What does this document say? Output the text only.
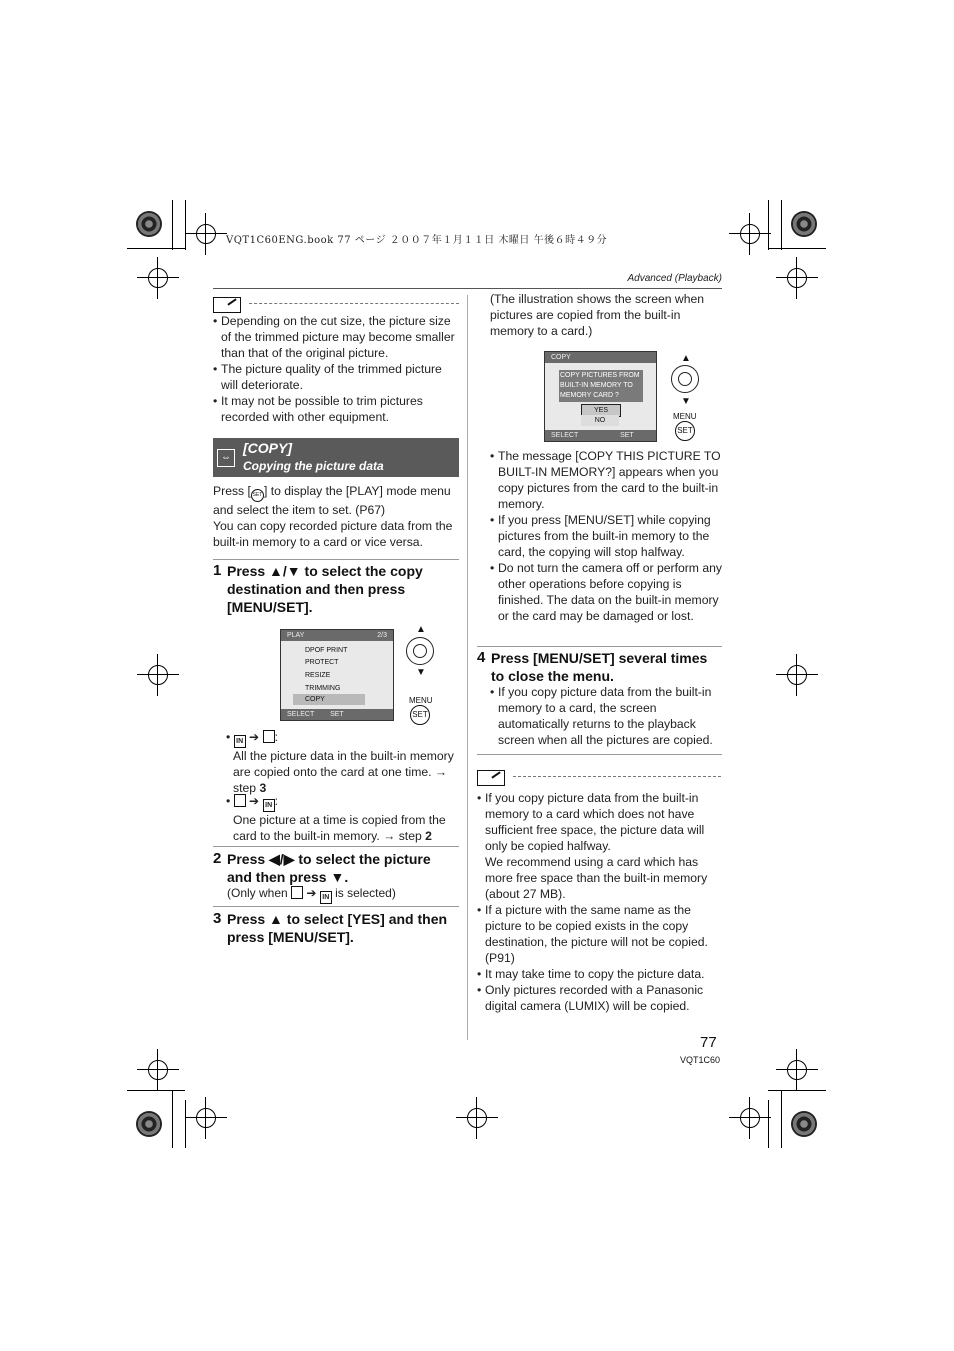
VQT1C60ENG.book 77 ページ ２００７年１月１１日 木曜日 午後６時４９分
Advanced (Playback)
• Depending on the cut size, the picture size of the trimmed picture may become smaller than that of the original picture.
• The picture quality of the trimmed picture will deteriorate.
• It may not be possible to trim pictures recorded with other equipment.
⇔
[COPY]
Copying the picture data
Press [ SET ] to display the [PLAY] mode menu and select the item to set. (P67)
You can copy recorded picture data from the built-in memory to a card or vice versa.
1 Press ▲/▼ to select the copy destination and then press [MENU/SET].
PLAY	2/3
DPOF PRINT
PROTECT
RESIZE
TRIMMING
COPY
SELECT SET
▲
▼
MENU
SET
• IN ➔ :
All the picture data in the built-in memory are copied onto the card at one time. → step 3
•  ➔ IN :
One picture at a time is copied from the card to the built-in memory. → step 2
2 Press ◀/▶ to select the picture and then press ▼.
(Only when  ➔ IN is selected)
3 Press ▲ to select [YES] and then press [MENU/SET].
(The illustration shows the screen when pictures are copied from the built-in memory to a card.)
COPY
COPY PICTURES FROM BUILT-IN MEMORY TO MEMORY CARD ?
YES
NO
SELECT	SET
▲
▼
MENU
SET
• The message [COPY THIS PICTURE TO BUILT-IN MEMORY?] appears when you copy pictures from the card to the built-in memory.
• If you press [MENU/SET] while copying pictures from the built-in memory to the card, the copying will stop halfway.
• Do not turn the camera off or perform any other operations before copying is finished. The data on the built-in memory or the card may be damaged or lost.
4 Press [MENU/SET] several times to close the menu.
• If you copy picture data from the built-in memory to a card, the screen automatically returns to the playback screen when all the pictures are copied.
• If you copy picture data from the built-in memory to a card which does not have sufficient free space, the picture data will only be copied halfway.
We recommend using a card which has more free space than the built-in memory (about 27 MB).
• If a picture with the same name as the picture to be copied exists in the copy destination, the picture will not be copied. (P91)
• It may take time to copy the picture data.
• Only pictures recorded with a Panasonic digital camera (LUMIX) will be copied.
77
VQT1C60
